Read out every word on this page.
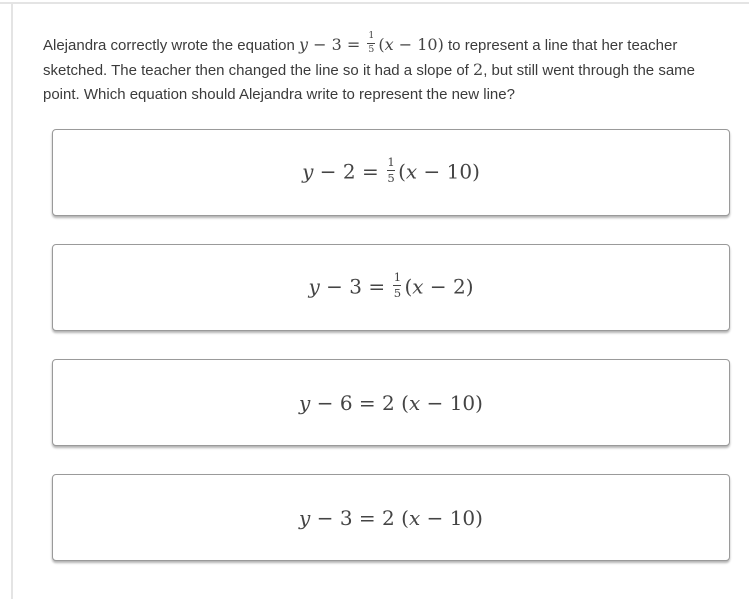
Alejandra correctly wrote the equation $y - 3 = \frac{1}{5} (x - 10)$ to represent a line that her teacher sketched. The teacher then changed the line so it had a slope of 2, but still went through the same point. Which equation should Alejandra write to represent the new line?

$y - 2 = \frac{1}{5} (x - 10)$
$y - 3 = \frac{1}{5} (x - 2)$
y − 6 = 2 (x − 10)
y − 3 = 2 (x − 10)
